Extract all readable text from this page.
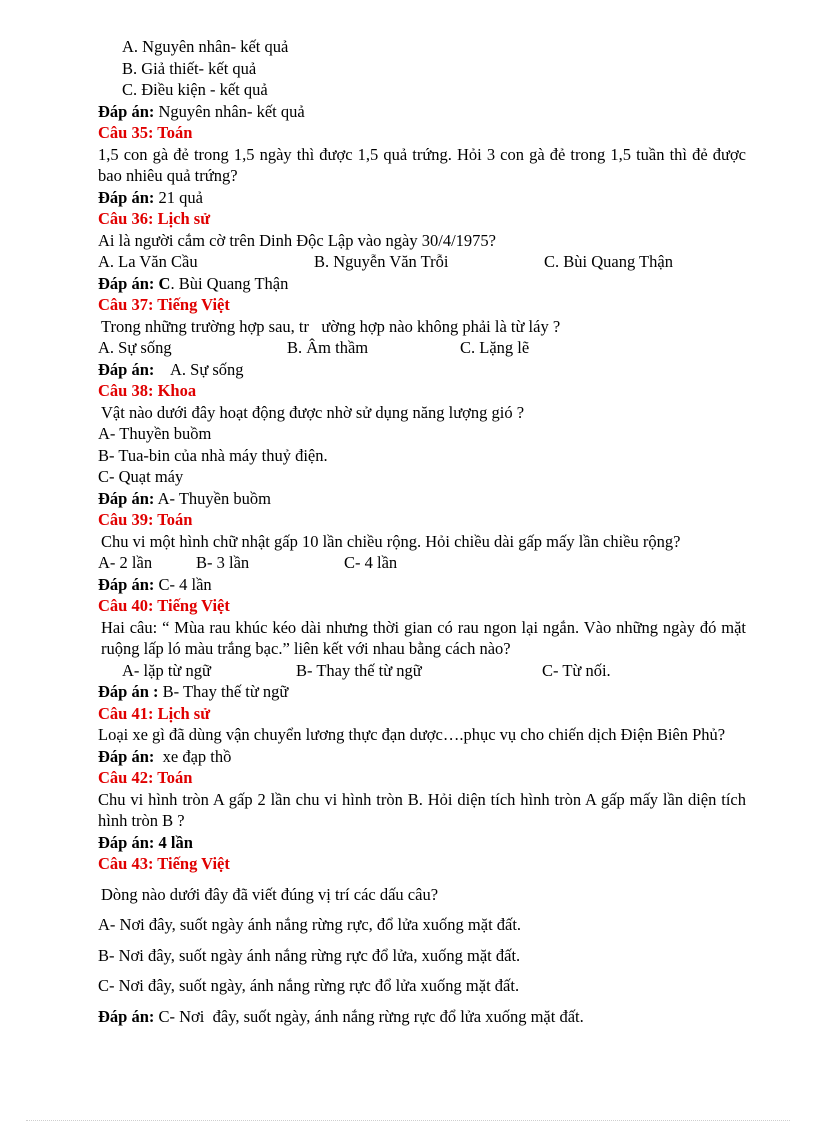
A. Nguyên nhân- kết quả
B. Giả thiết- kết quả
C. Điều kiện - kết quả
Đáp án: Nguyên nhân- kết quả
Câu 35: Toán
1,5 con gà đẻ trong 1,5 ngày thì được 1,5 quả trứng. Hỏi 3 con gà đẻ trong 1,5 tuần thì đẻ được bao nhiêu quả trứng?
Đáp án: 21 quả
Câu 36: Lịch sử
Ai là người cắm cờ trên Dinh Độc Lập vào ngày 30/4/1975?
A. La Văn Cầu	B. Nguyễn Văn Trỗi	C. Bùi Quang Thận
Đáp án: C. Bùi Quang Thận
Câu 37: Tiếng Việt
Trong những trường hợp sau, tr   ường hợp nào không phải là từ láy ?
A. Sự sống	B. Âm thầm	C. Lặng lẽ
Đáp án:    A. Sự sống
Câu 38: Khoa
Vật nào dưới đây hoạt động được nhờ sử dụng năng lượng gió ?
A- Thuyền buồm
B- Tua-bin của nhà máy thuỷ điện.
C- Quạt máy
Đáp án: A- Thuyền buồm
Câu 39: Toán
Chu vi một hình chữ nhật gấp 10 lần chiều rộng. Hỏi chiều dài gấp mấy lần chiều rộng?
A- 2 lần	B- 3 lần	C- 4 lần
Đáp án: C- 4 lần
Câu 40: Tiếng Việt
Hai câu: “ Mùa rau khúc kéo dài nhưng thời gian có rau ngon lại ngắn. Vào những ngày đó mặt ruộng lấp ló màu trắng bạc.” liên kết với nhau bằng cách nào?
A- lặp từ ngữ	B- Thay thế từ ngữ	C- Từ nối.
Đáp án : B- Thay thế từ ngữ
Câu 41: Lịch sử
Loại xe gì đã dùng vận chuyển lương thực đạn dược….phục vụ cho chiến dịch Điện Biên Phủ?
Đáp án:  xe đạp thồ
Câu 42: Toán
Chu vi hình tròn A gấp 2 lần chu vi hình tròn B. Hỏi diện tích hình tròn A gấp mấy lần diện tích hình tròn B ?
Đáp án: 4 lần
Câu 43: Tiếng Việt
Dòng nào dưới đây đã viết đúng vị trí các dấu câu?
A- Nơi đây, suốt ngày ánh nắng rừng rực, đổ lửa xuống mặt đất.
B- Nơi đây, suốt ngày ánh nắng rừng rực đổ lửa, xuống mặt đất.
C- Nơi đây, suốt ngày, ánh nắng rừng rực đổ lửa xuống mặt đất.
Đáp án: C- Nơi  đây, suốt ngày, ánh nắng rừng rực đổ lửa xuống mặt đất.
